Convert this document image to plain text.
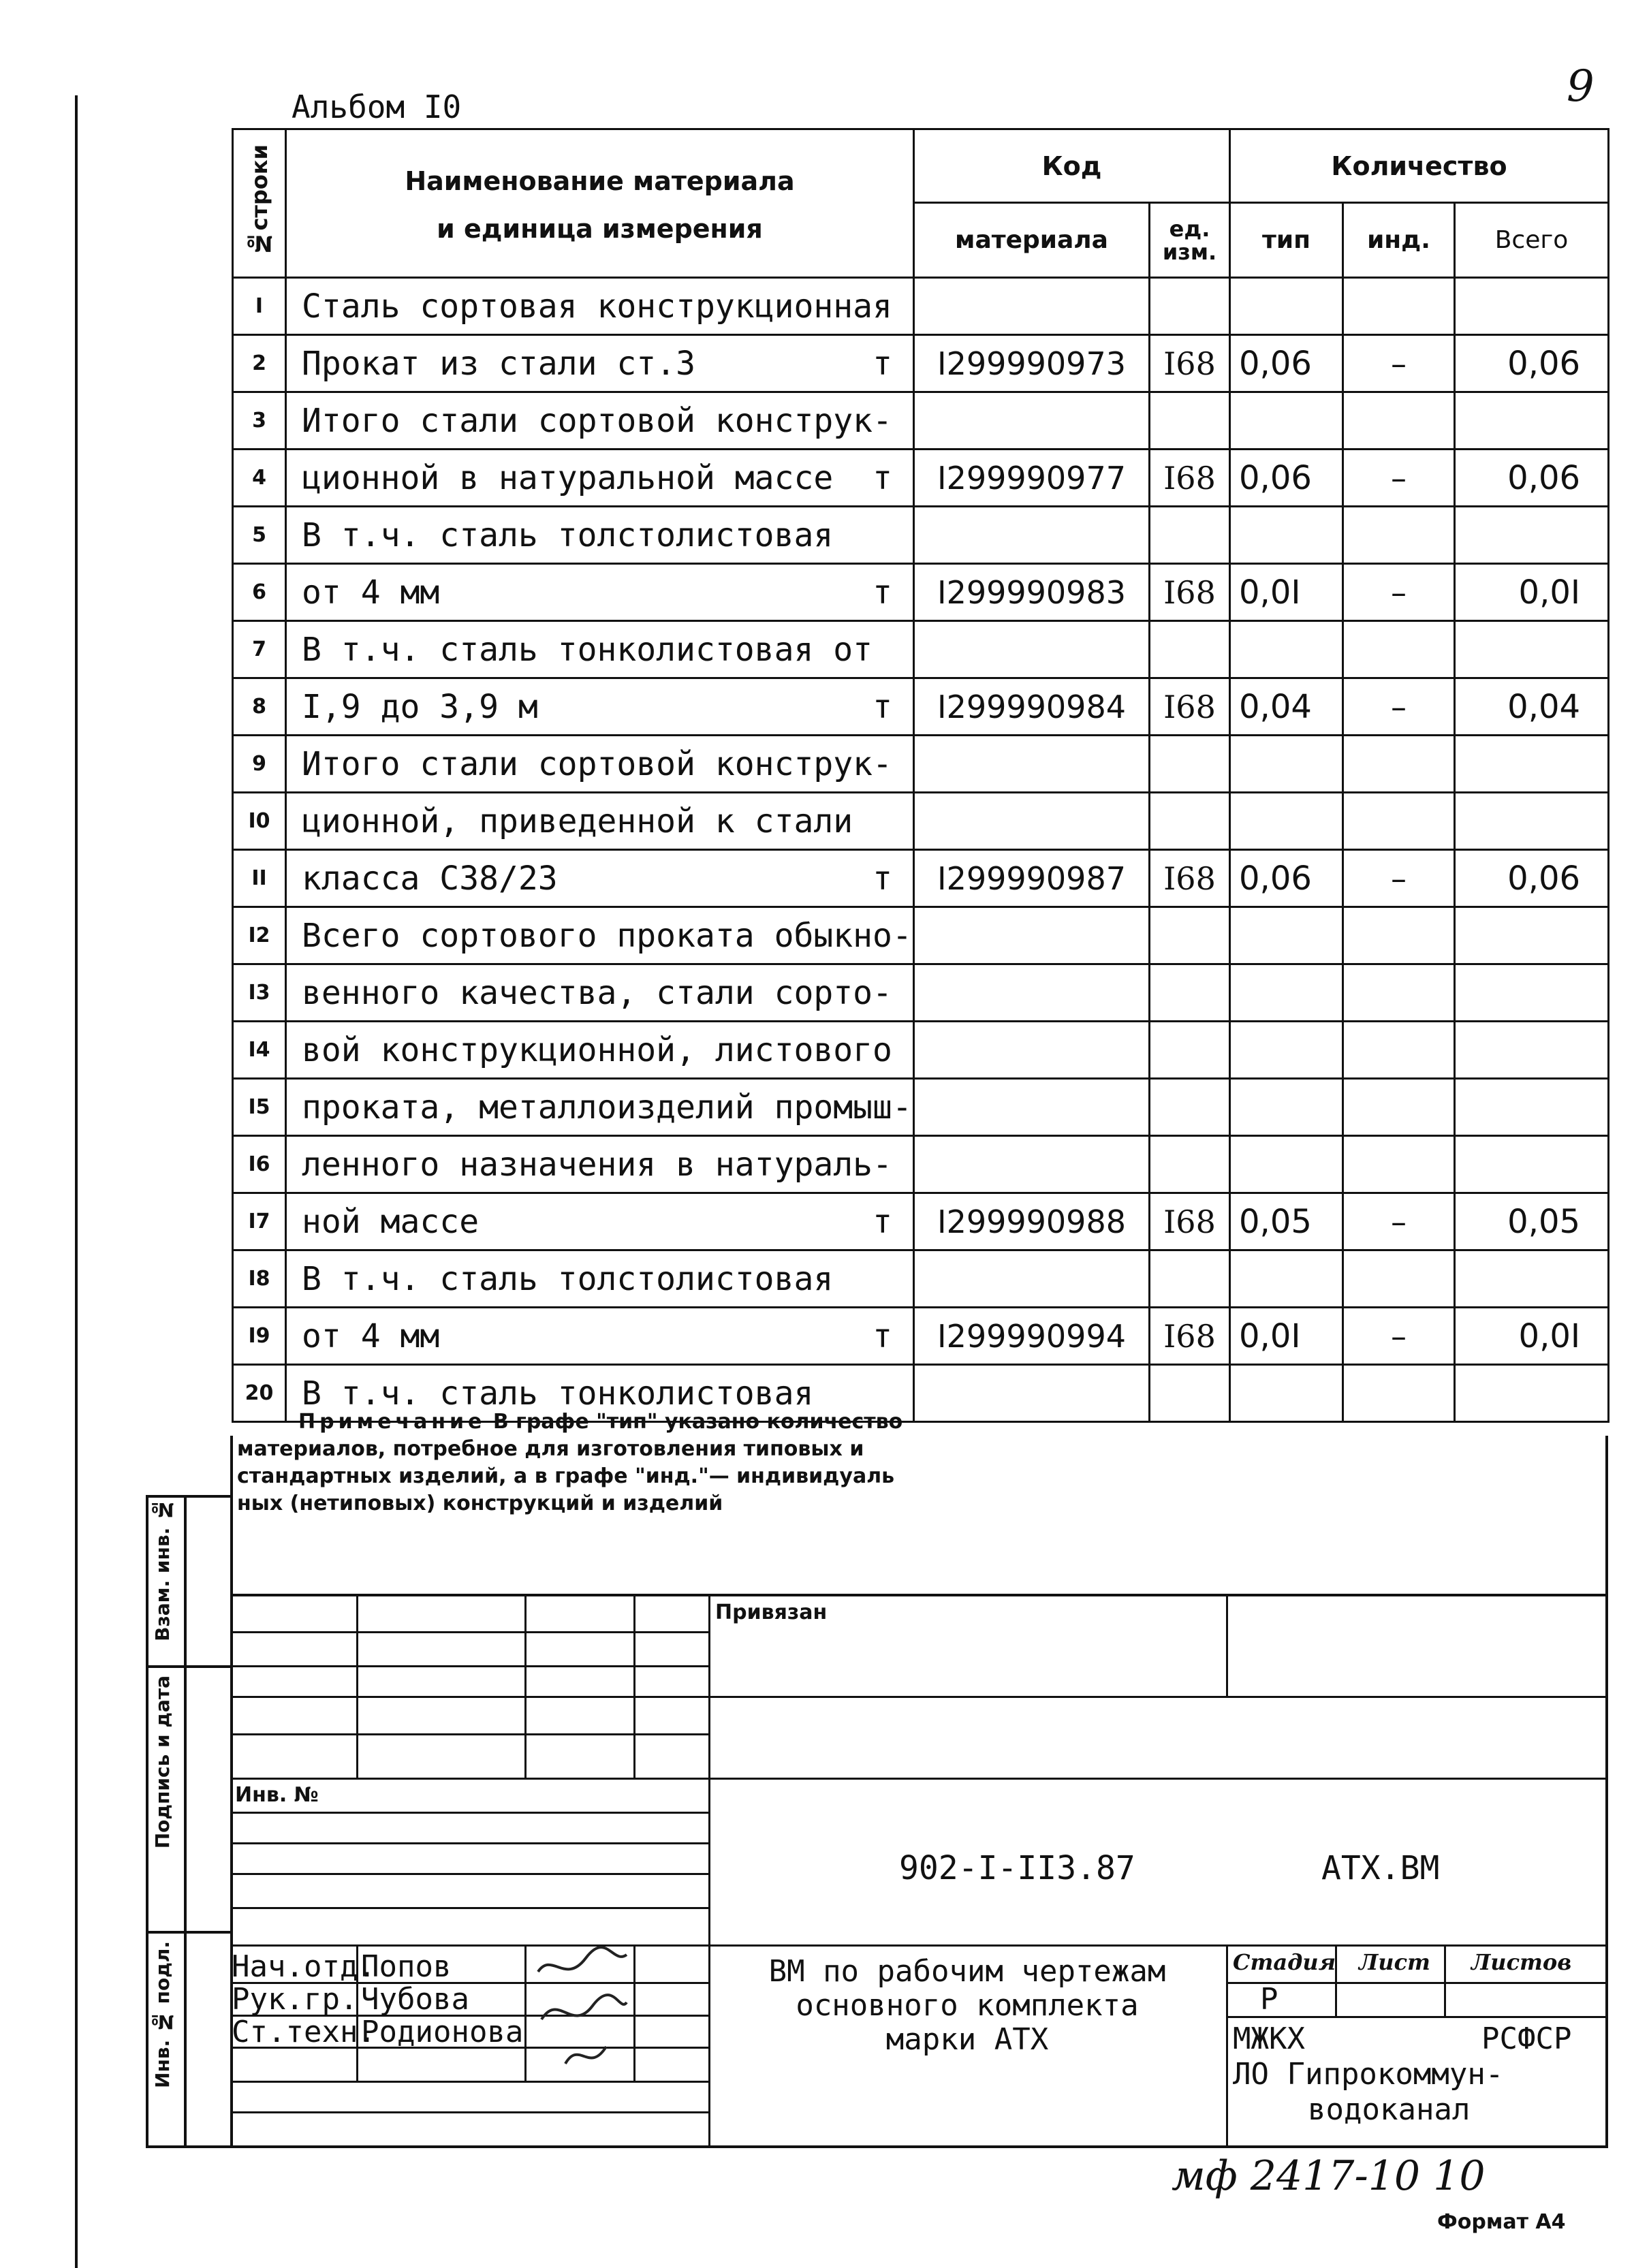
9
Альбом I0
№строки	Наименование материала
и единица измерения	Код		Количество		
		материала	ед. изм.	тип	инд.	Всего
I	Сталь сортовая конструкционная

2	Прокат из стали ст.3 т	I299990973	I68	0,06	–	0,06
3	Итого стали сортовой конструк-

4	ционной в натуральной массе т	I299990977	I68	0,06	–	0,06
5	В т.ч. сталь толстолистовая

6	от 4 мм т	I299990983	I68	0,0I	–	0,0I
7	В т.ч. сталь тонколистовая от

8	I,9 до 3,9 м т	I299990984	I68	0,04	–	0,04
9	Итого стали сортовой конструк-

I0	ционной, приведенной к стали

II	класса С38/23 т	I299990987	I68	0,06	–	0,06
I2	Всего сортового проката обыкно-

I3	венного качества, стали сорто-

I4	вой конструкционной, листового

I5	проката, металлоизделий промыш-

I6	ленного назначения в натураль-

I7	ной массе т	I299990988	I68	0,05	–	0,05
I8	В т.ч. сталь толстолистовая

I9	от 4 мм т	I299990994	I68	0,0I	–	0,0I
20	В т.ч. сталь тонколистовая

Примечание В графе "тип" указано количество
материалов, потребное для изготовления типовых и
стандартных изделий, а в графе "инд."— индивидуаль
ных (нетиповых) конструкций и изделий
Взам. инв. №
Подпись и дата
Инв. № подл.
Привязан
Инв. №
902-I-II3.87	АТХ.ВМ
Нач.отд.
Попов
Рук.гр. Чубова
Ст.техн.
Родионова
ВМ по рабочим чертежам
основного комплекта
марки АТХ
Стадия Лист Листов
Р
МЖКХ	РСФСР
ЛО Гипрокоммун-
водоканал
мф 2417-10 10
Формат А4
